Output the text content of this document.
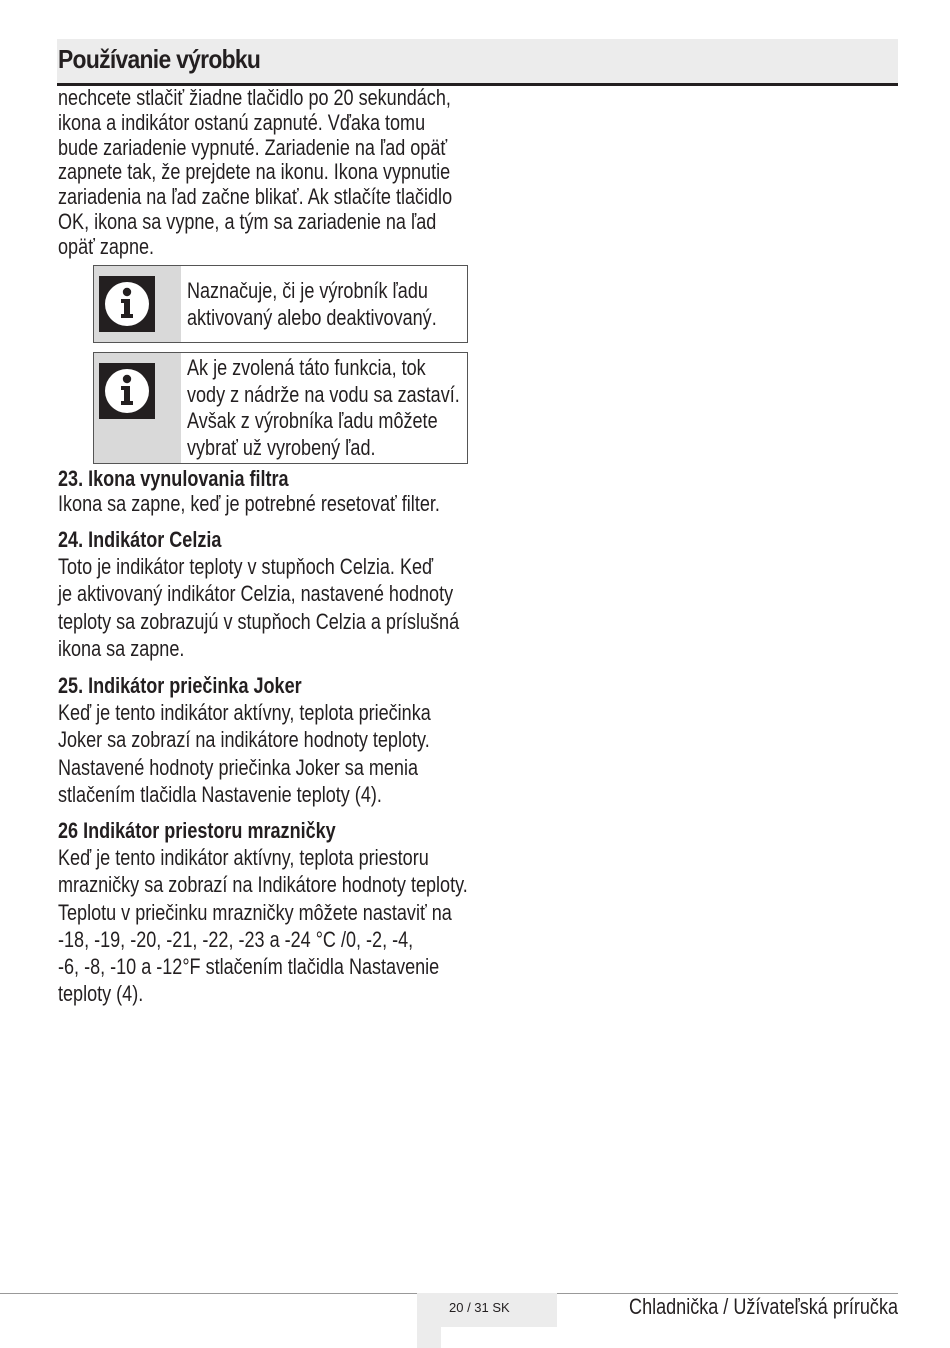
Používanie výrobku

nechcete stlačiť žiadne tlačidlo po 20 sekundách,
ikona a indikátor ostanú zapnuté. Vďaka tomu
bude zariadenie vypnuté. Zariadenie na ľad opäť
zapnete tak, že prejdete na ikonu. Ikona vypnutie
zariadenia na ľad začne blikať. Ak stlačíte tlačidlo
OK, ikona sa vypne, a tým sa zariadenie na ľad
opäť zapne.

Naznačuje, či je výrobník ľadu
aktivovaný alebo deaktivovaný.
Ak je zvolená táto funkcia, tok
vody z nádrže na vodu sa zastaví.
Avšak z výrobníka ľadu môžete
vybrať už vyrobený ľad.

23. Ikona vynulovania filtra

Ikona sa zapne, keď je potrebné resetovať filter.

24. Indikátor Celzia

Toto je indikátor teploty v stupňoch Celzia. Keď
je aktivovaný indikátor Celzia, nastavené hodnoty
teploty sa zobrazujú v stupňoch Celzia a príslušná
ikona sa zapne.

25. Indikátor priečinka Joker

Keď je tento indikátor aktívny, teplota priečinka
Joker sa zobrazí na indikátore hodnoty teploty.
Nastavené hodnoty priečinka Joker sa menia
stlačením tlačidla Nastavenie teploty (4).

26 Indikátor priestoru mrazničky

Keď je tento indikátor aktívny, teplota priestoru
mrazničky sa zobrazí na Indikátore hodnoty teploty.
Teplotu v priečinku mrazničky môžete nastaviť na
-18, -19, -20, -21, -22, -23 a -24 °C /0, -2, -4,
-6, -8, -10 a -12°F stlačením tlačidla Nastavenie
teploty (4).

20 / 31 SK	Chladnička / Užívateľská príručka
